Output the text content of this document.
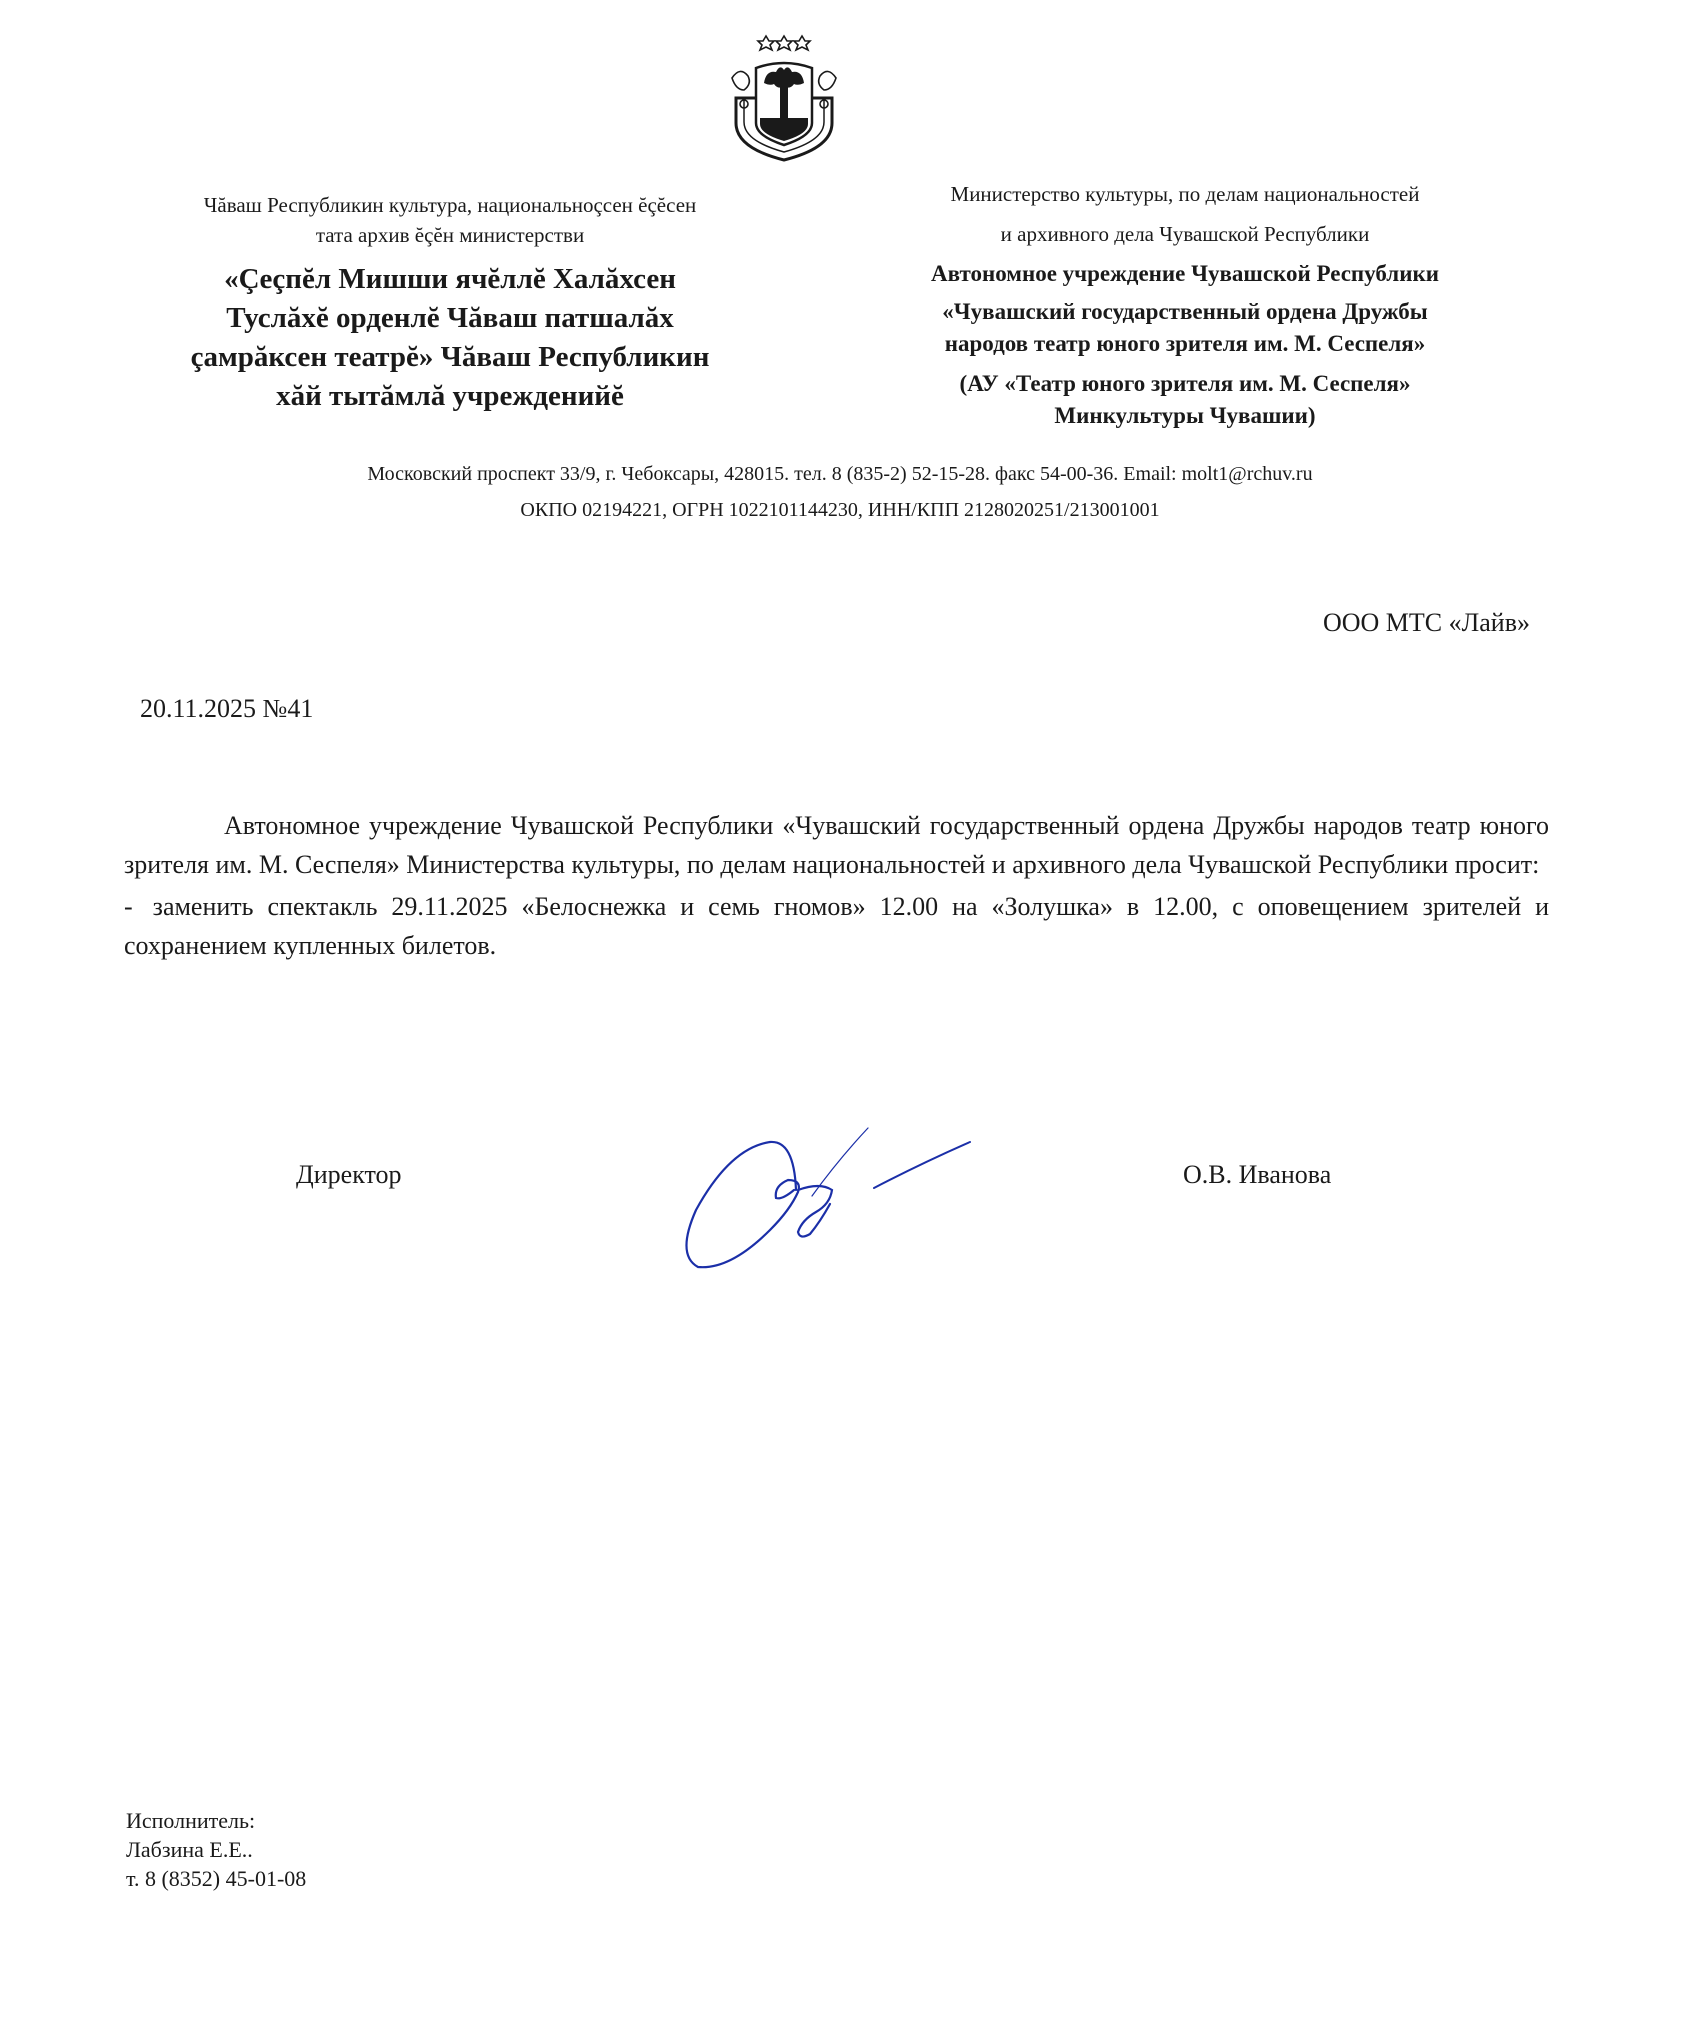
Чăваш Республикин культура, национальноçсен ĕçĕсен
тата архив ĕçĕн министерстви
«Çеçпĕл Мишши ячĕллĕ Халăхсен
Туслăхĕ орденлĕ Чăваш патшалăх
çамрăксен театрĕ» Чăваш Республикин
хăй тытăмлă учрежденийĕ
Министерство культуры, по делам национальностей
и архивного дела Чувашской Республики
Автономное учреждение Чувашской Республики
«Чувашский государственный ордена Дружбы
народов театр юного зрителя им. М. Сеспеля»
(АУ «Театр юного зрителя им. М. Сеспеля»
Минкультуры Чувашии)
Московский проспект 33/9, г. Чебоксары, 428015. тел. 8 (835-2) 52-15-28. факс 54-00-36. Email: molt1@rchuv.ru
ОКПО 02194221, ОГРН 1022101144230, ИНН/КПП 2128020251/213001001
ООО МТС «Лайв»
20.11.2025 №41

Автономное учреждение Чувашской Республики «Чувашский государственный ордена Дружбы народов театр юного зрителя им. М. Сеспеля» Министерства культуры, по делам национальностей и архивного дела Чувашской Республики просит:

- заменить спектакль 29.11.2025 «Белоснежка и семь гномов» 12.00 на «Золушка» в 12.00, с оповещением зрителей и сохранением купленных билетов.

Директор	О.В. Иванова
Исполнитель:
Лабзина Е.Е..
т. 8 (8352) 45-01-08
